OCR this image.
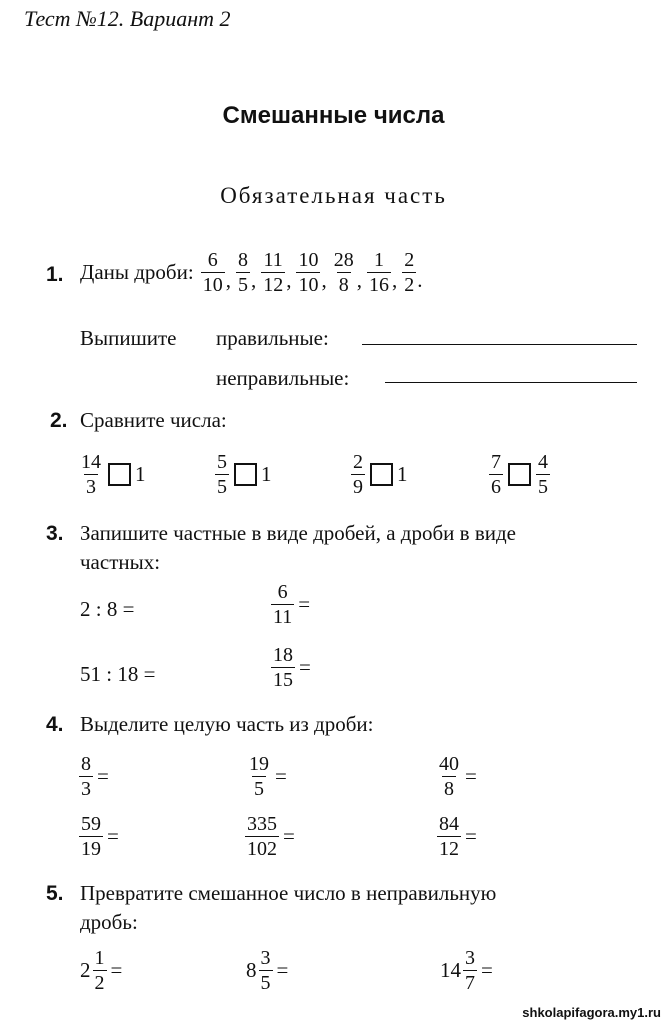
Тест №12. Вариант 2
Смешанные числа
Обязательная часть
1. Даны дроби: $\frac{6}{10}$ , $\frac{8}{5}$ , $\frac{11}{12}$ , $\frac{10}{10}$ , $\frac{28}{8}$ , $\frac{1}{16}$ , $\frac{2}{2}$ .
Выпишите правильные:
неправильные:
2. Сравните числа:
$\frac{14}{3} 1$	$\frac{5}{5} 1$	$\frac{2}{9} 1$	$\frac{7}{6} \frac{4}{5}$
3. Запишите частные в виде дробей, а дроби в виде
частных:
2 : 8 =	$\frac{6}{11}$ =
51 : 18 =	$\frac{18}{15}$ =
4. Выделите целую часть из дроби:
$\frac{8}{3}$ =	$\frac{19}{5}$ =	$\frac{40}{8}$ =
$\frac{59}{19}$ =	$\frac{335}{102}$ =	$\frac{84}{12}$ =
5. Превратите смешанное число в неправильную
дробь:
$2 \frac{1}{2}$ =	$8 \frac{3}{5}$ =	$14 \frac{3}{7}$ =
shkolapifagora.my1.ru
